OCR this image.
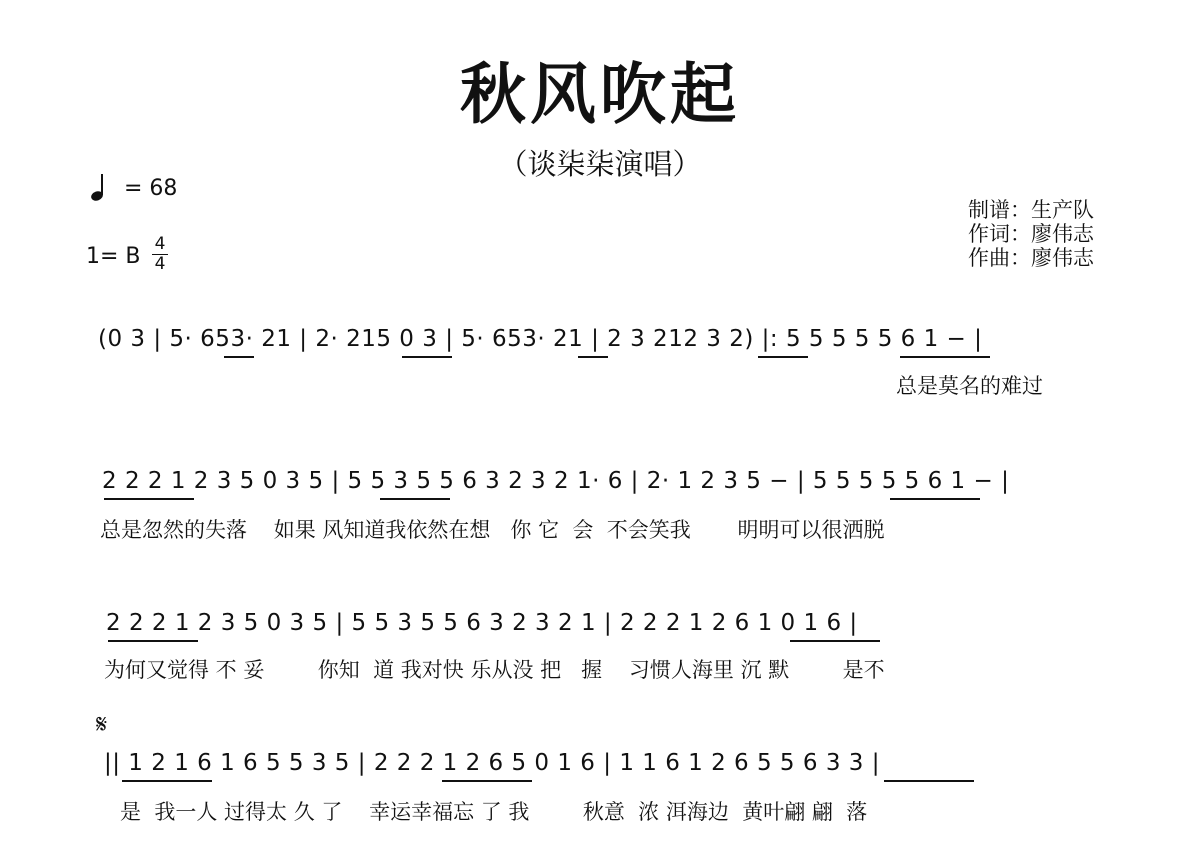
秋风吹起
（谈柒柒演唱）
= 68
1= B $\frac{4}{4}$
制谱：生产队
作词：廖伟志
作曲：廖伟志
𝄋
(0 3 | 5· 653· 21 | 2· 215 0 3 | 5· 653· 21 | 2 3 212 3 2) |: 5 5 5 5 5 6 1 − |
总是莫名的难过
2 2 2 1 2 3 5 0 3 5 | 5 5 3 5 5 6 3 2 3 2 1· 6 | 2· 1 2 3 5 − | 5 5 5 5 5 6 1 − |
总是忽然的失落    如果 风知道我依然在想   你 它  会  不会笑我       明明可以很洒脱
2 2 2 1 2 3 5 0 3 5 | 5 5 3 5 5 6 3 2 3 2 1 | 2 2 2 1 2 6 1 0 1 6 |
为何又觉得 不 妥        你知  道 我对快 乐从没 把   握    习惯人海里 沉 默        是不
|| 1 2 1 6 1 6 5 5 3 5 | 2 2 2 1 2 6 5 0 1 6 | 1 1 6 1 2 6 5 5 6 3 3 |
是  我一人 过得太 久 了    幸运幸福忘 了 我        秋意  浓 洱海边  黄叶翩 翩  落
